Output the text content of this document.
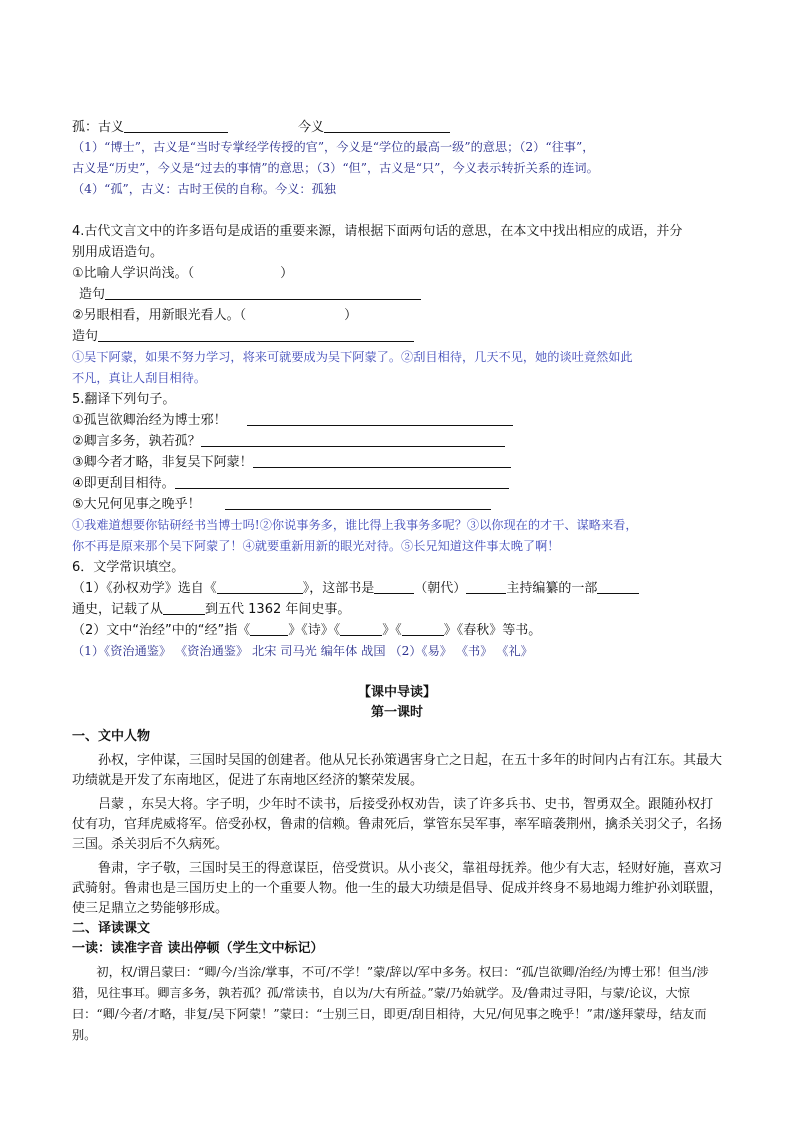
孤：古义	今义

（1）“博士”，古义是“当时专掌经学传授的官”，今义是“学位的最高一级”的意思；（2）“往事”，

古义是“历史”，今义是“过去的事情”的意思；（3）“但”，古义是“只”，今义表示转折关系的连词。

（4）“孤”，古义：古时王侯的自称。今义：孤独

4.古代文言文中的许多语句是成语的重要来源，请根据下面两句话的意思，在本文中找出相应的成语，并分

别用成语造句。

①比喻人学识尚浅。（	）

造句

②另眼相看，用新眼光看人。（	）

造句

①吴下阿蒙，如果不努力学习，将来可就要成为吴下阿蒙了。②刮目相待，几天不见，她的谈吐竟然如此

不凡，真让人刮目相待。

5.翻译下列句子。

①孤岂欲卿治经为博士邪！

②卿言多务，孰若孤？

③卿今者才略，非复吴下阿蒙！

④即更刮目相待。

⑤大兄何见事之晚乎！

①我难道想要你钻研经书当博士吗!②你说事务多，谁比得上我事务多呢？③以你现在的才干、谋略来看，

你不再是原来那个吴下阿蒙了！④就要重新用新的眼光对待。⑤长兄知道这件事太晚了啊！

6．文学常识填空。

（1）《孙权劝学》选自《	》，这部书是	（朝代）	主持编纂的一部

通史，记载了从	到五代 1362 年间史事。

（2）文中“治经”中的“经”指《	》《诗》《	》《	》《春秋》等书。

（1）《资治通鉴》 《资治通鉴》 北宋 司马光 编年体 战国 （2）《易》 《书》 《礼》

【课中导读】

第一课时

一、文中人物

孙权，字仲谋，三国时吴国的创建者。他从兄长孙策遇害身亡之日起，在五十多年的时间内占有江东。其最大功绩就是开发了东南地区，促进了东南地区经济的繁荣发展。

吕蒙 ，东吴大将。字子明，少年时不读书，后接受孙权劝告，读了许多兵书、史书，智勇双全。跟随孙权打仗有功，官拜虎威将军。倍受孙权，鲁肃的信赖。鲁肃死后，掌管东吴军事，率军暗袭荆州，擒杀关羽父子，名扬三国。杀关羽后不久病死。

鲁肃，字子敬，三国时吴王的得意谋臣，倍受赏识。从小丧父，靠祖母抚养。他少有大志，轻财好施，喜欢习武骑射。鲁肃也是三国历史上的一个重要人物。他一生的最大功绩是倡导、促成并终身不易地竭力维护孙刘联盟，使三足鼎立之势能够形成。

二、译读课文

一读：读准字音 读出停顿（学生文中标记）

初，权/谓吕蒙曰：“卿/今/当涂/掌事，不可/不学！”蒙/辞以/军中多务。权曰：“孤/岂欲卿/治经/为博士邪！但当/涉猎，见往事耳。卿言多务，孰若孤？孤/常读书，自以为/大有所益。”蒙/乃始就学。及/鲁肃过寻阳，与蒙/论议，大惊曰：“卿/今者/才略，非复/吴下阿蒙！”蒙曰：“士别三日，即更/刮目相待，大兄/何见事之晚乎！”肃/遂拜蒙母，结友而别。
